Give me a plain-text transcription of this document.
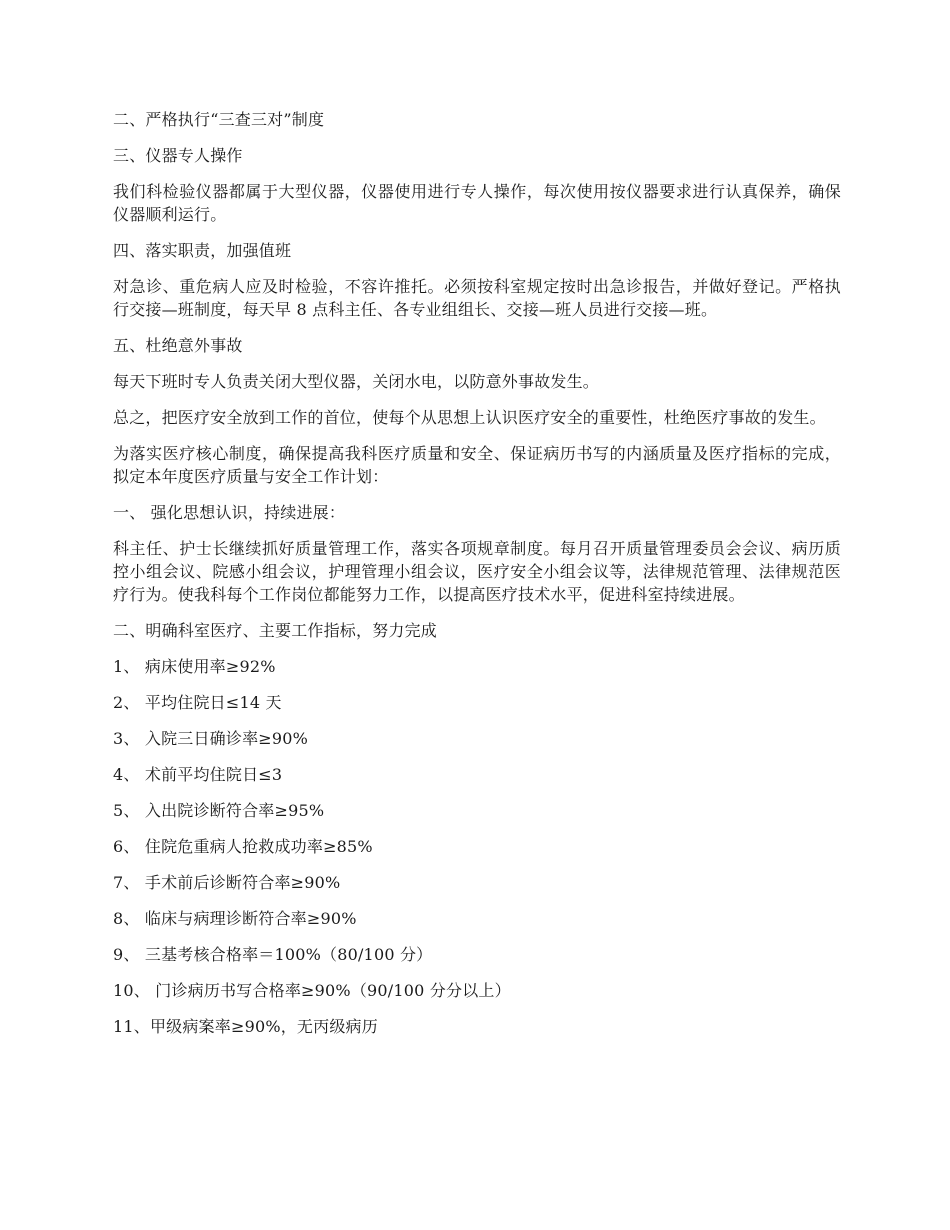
二、严格执行“三查三对”制度

三、仪器专人操作

我们科检验仪器都属于大型仪器，仪器使用进行专人操作，每次使用按仪器要求进行认真保养，确保仪器顺利运行。

四、落实职责，加强值班

对急诊、重危病人应及时检验，不容许推托。必须按科室规定按时出急诊报告，并做好登记。严格执行交接—班制度，每天早 8 点科主任、各专业组组长、交接—班人员进行交接—班。

五、杜绝意外事故

每天下班时专人负责关闭大型仪器，关闭水电，以防意外事故发生。

总之，把医疗安全放到工作的首位，使每个从思想上认识医疗安全的重要性，杜绝医疗事故的发生。

为落实医疗核心制度，确保提高我科医疗质量和安全、保证病历书写的内涵质量及医疗指标的完成，拟定本年度医疗质量与安全工作计划：

一、 强化思想认识，持续进展：

科主任、护士长继续抓好质量管理工作，落实各项规章制度。每月召开质量管理委员会会议、病历质控小组会议、院感小组会议，护理管理小组会议，医疗安全小组会议等，法律规范管理、法律规范医疗行为。使我科每个工作岗位都能努力工作，以提高医疗技术水平，促进科室持续进展。

二、明确科室医疗、主要工作指标，努力完成

1、 病床使用率≥92%

2、 平均住院日≤14 天

3、 入院三日确诊率≥90%

4、 术前平均住院日≤3

5、 入出院诊断符合率≥95%

6、 住院危重病人抢救成功率≥85%

7、 手术前后诊断符合率≥90%

8、 临床与病理诊断符合率≥90%

9、 三基考核合格率＝100%（80/100 分）

10、 门诊病历书写合格率≥90%（90/100 分分以上）

11、甲级病案率≥90%，无丙级病历
